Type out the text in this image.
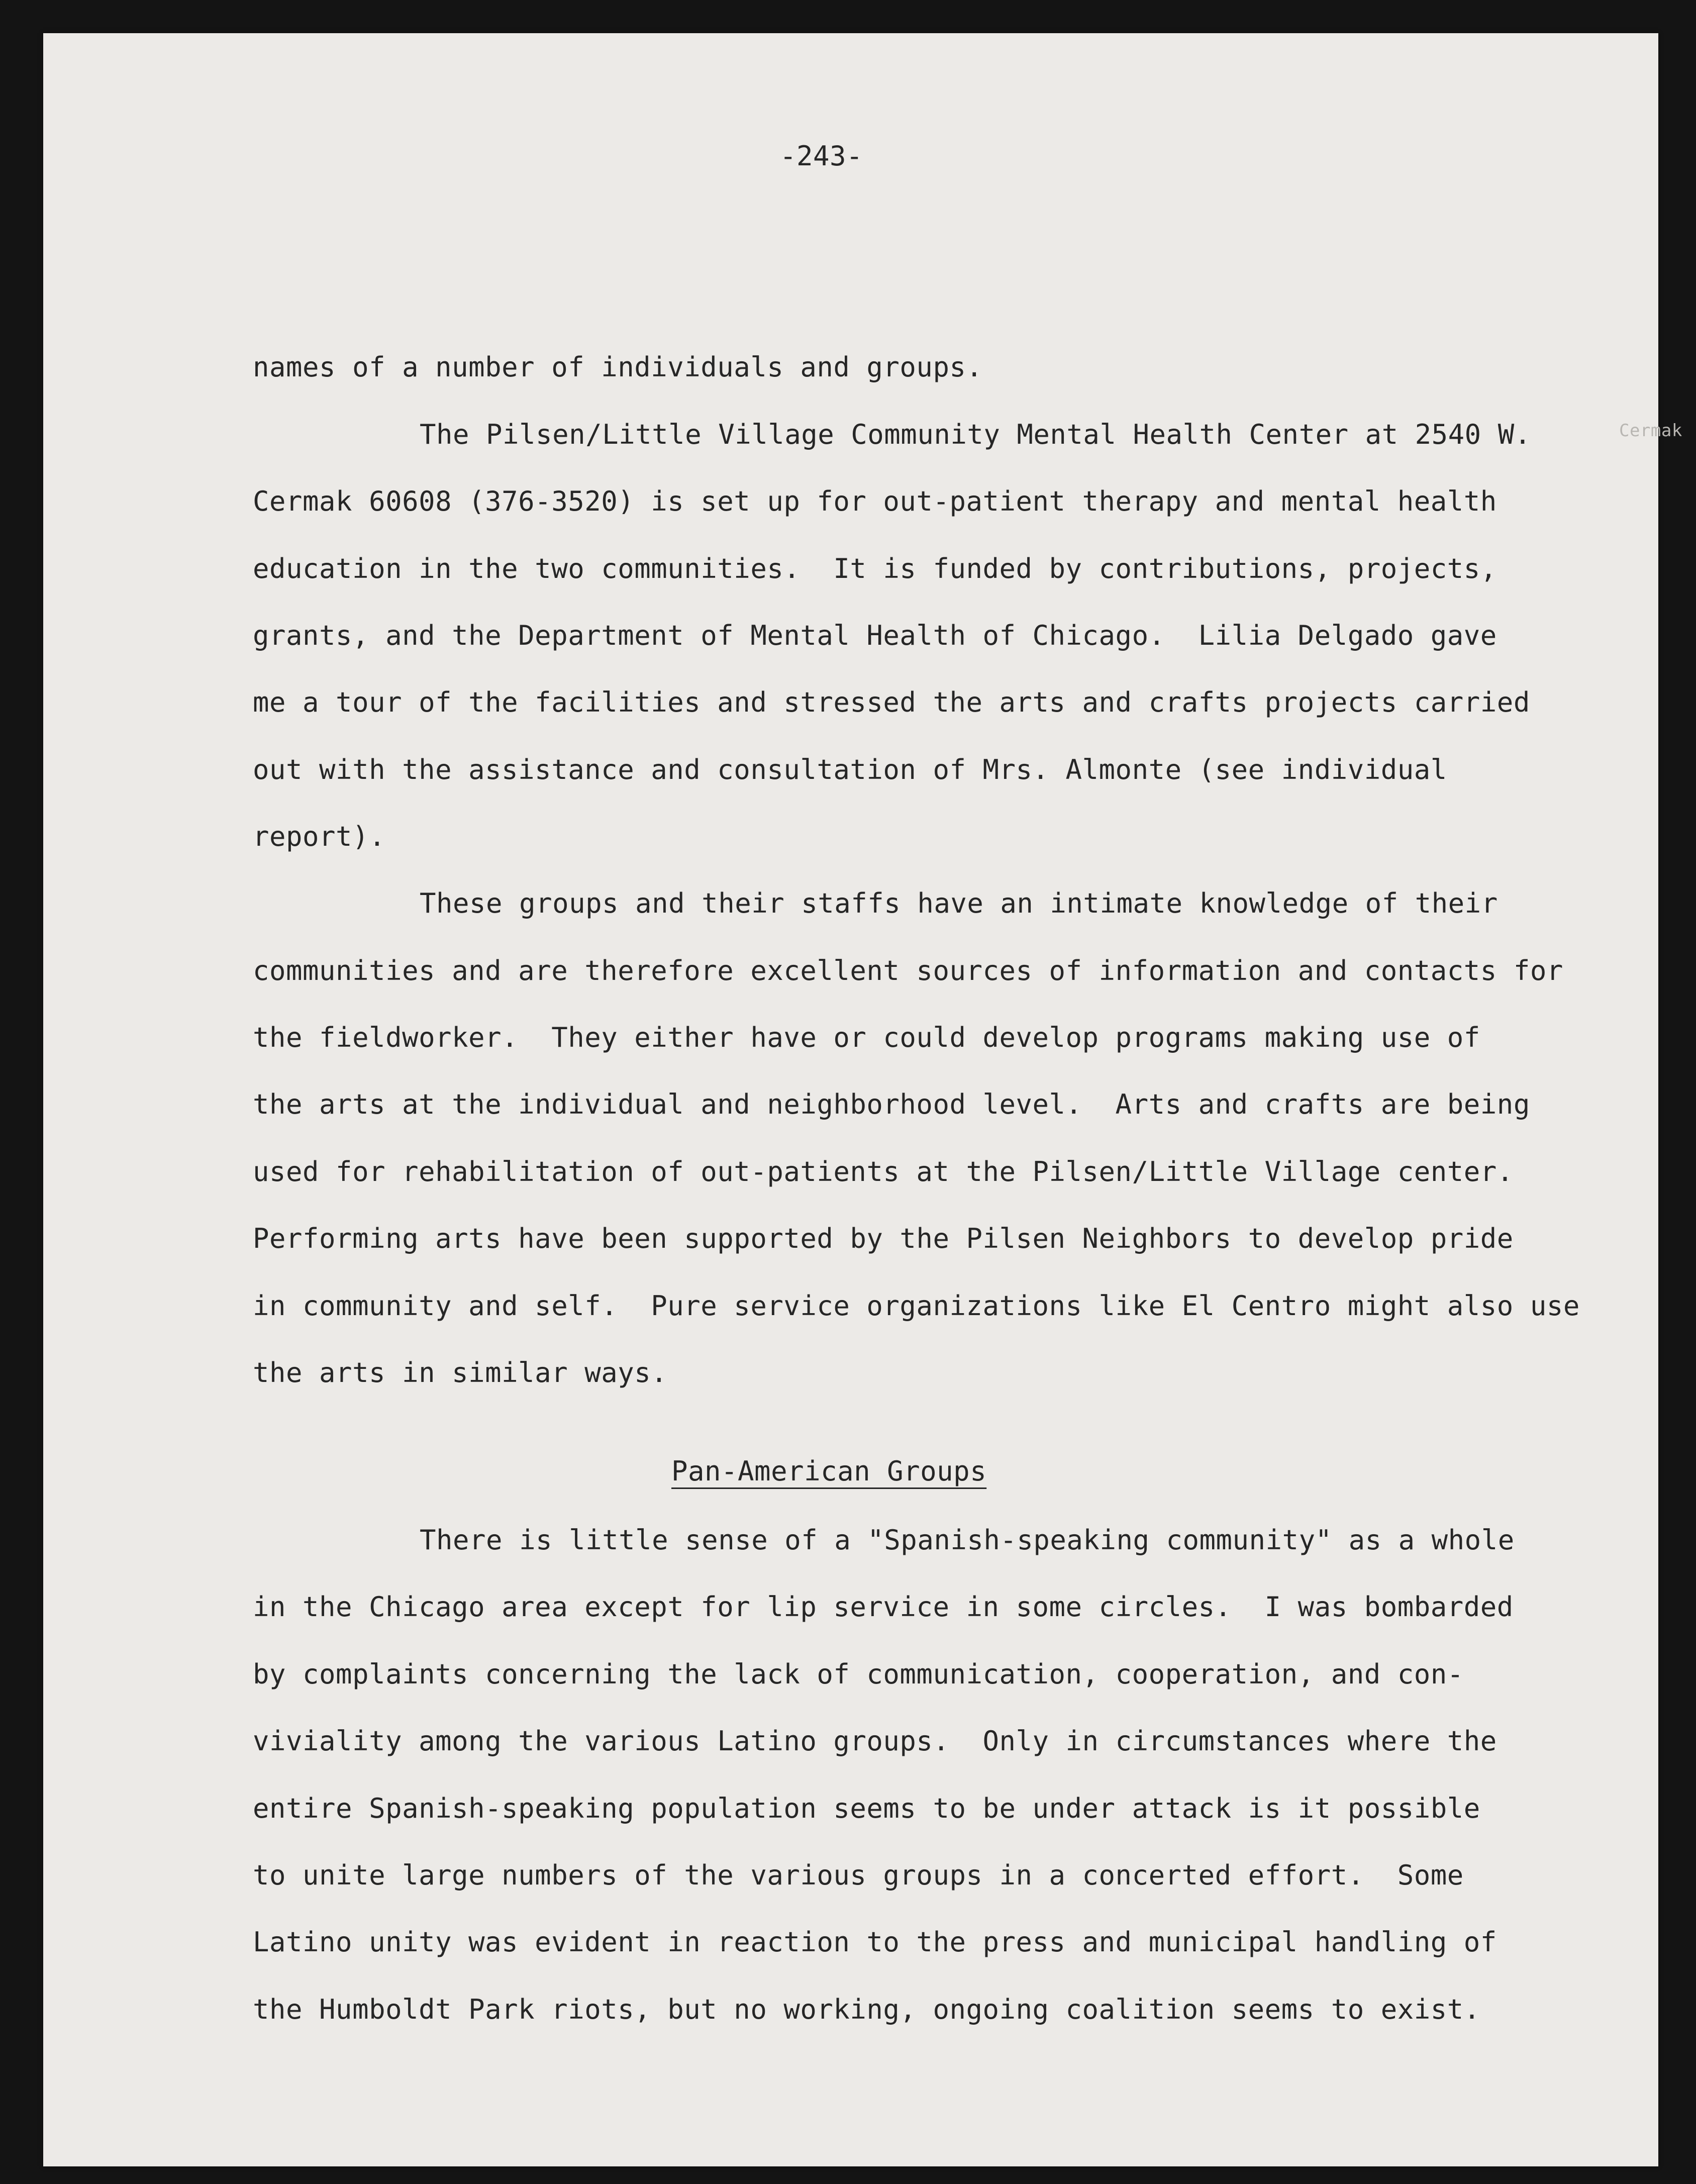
-243-
Cermak
names of a number of individuals and groups.
The Pilsen/Little Village Community Mental Health Center at 2540 W.
Cermak 60608 (376-3520) is set up for out-patient therapy and mental health
education in the two communities.  It is funded by contributions, projects,
grants, and the Department of Mental Health of Chicago.  Lilia Delgado gave
me a tour of the facilities and stressed the arts and crafts projects carried
out with the assistance and consultation of Mrs. Almonte (see individual
report).
These groups and their staffs have an intimate knowledge of their
communities and are therefore excellent sources of information and contacts for
the fieldworker.  They either have or could develop programs making use of
the arts at the individual and neighborhood level.  Arts and crafts are being
used for rehabilitation of out-patients at the Pilsen/Little Village center.
Performing arts have been supported by the Pilsen Neighbors to develop pride
in community and self.  Pure service organizations like El Centro might also use
the arts in similar ways.
Pan-American Groups
There is little sense of a "Spanish-speaking community" as a whole
in the Chicago area except for lip service in some circles.  I was bombarded
by complaints concerning the lack of communication, cooperation, and con-
viviality among the various Latino groups.  Only in circumstances where the
entire Spanish-speaking population seems to be under attack is it possible
to unite large numbers of the various groups in a concerted effort.  Some
Latino unity was evident in reaction to the press and municipal handling of
the Humboldt Park riots, but no working, ongoing coalition seems to exist.
